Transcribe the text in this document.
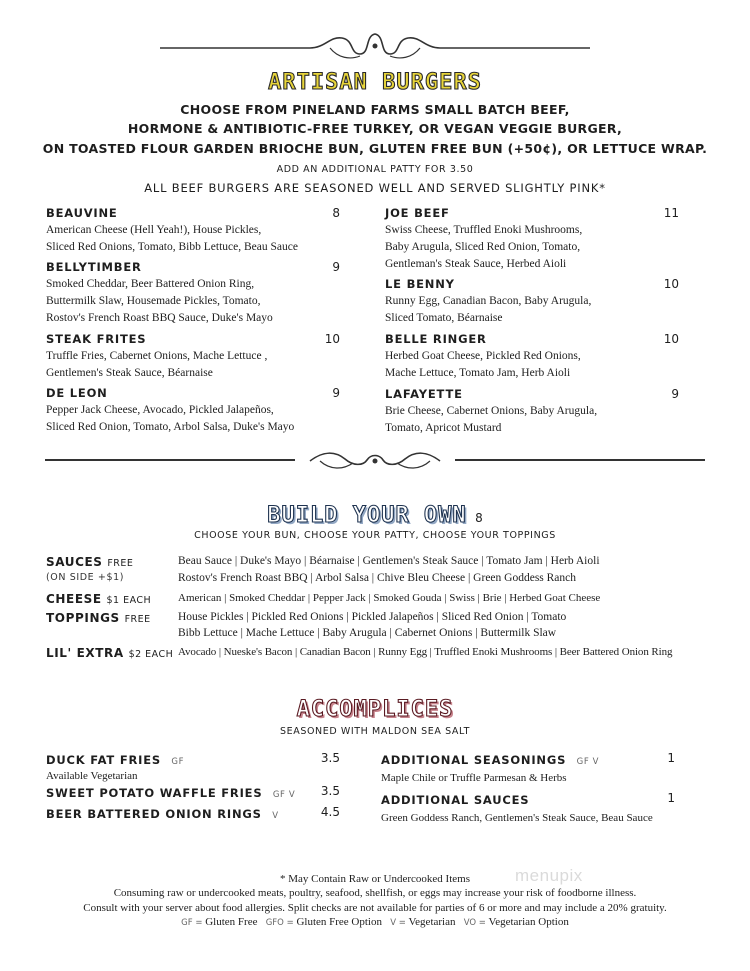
ARTISAN BURGERS
CHOOSE FROM PINELAND FARMS SMALL BATCH BEEF,
HORMONE & ANTIBIOTIC-FREE TURKEY, OR VEGAN VEGGIE BURGER,
ON TOASTED FLOUR GARDEN BRIOCHE BUN, GLUTEN FREE BUN (+50¢), OR LETTUCE WRAP.
ADD AN ADDITIONAL PATTY FOR 3.50
ALL BEEF BURGERS ARE SEASONED WELL AND SERVED SLIGHTLY PINK*
BEAUVINE	8
American Cheese (Hell Yeah!), House Pickles,
Sliced Red Onions, Tomato, Bibb Lettuce, Beau Sauce
BELLYTIMBER	9
Smoked Cheddar, Beer Battered Onion Ring,
Buttermilk Slaw, Housemade Pickles, Tomato,
Rostov's French Roast BBQ Sauce, Duke's Mayo
STEAK FRITES	10
Truffle Fries, Cabernet Onions, Mache Lettuce ,
Gentlemen's Steak Sauce, Béarnaise
DE LEON	9
Pepper Jack Cheese, Avocado, Pickled Jalapeños,
Sliced Red Onion, Tomato, Arbol Salsa, Duke's Mayo
JOE BEEF	11
Swiss Cheese, Truffled Enoki Mushrooms,
Baby Arugula, Sliced Red Onion, Tomato,
Gentleman's Steak Sauce, Herbed Aioli
LE BENNY	10
Runny Egg, Canadian Bacon, Baby Arugula,
Sliced Tomato, Béarnaise
BELLE RINGER	10
Herbed Goat Cheese, Pickled Red Onions,
Mache Lettuce, Tomato Jam, Herb Aioli
LAFAYETTE	9
Brie Cheese, Cabernet Onions, Baby Arugula,
Tomato, Apricot Mustard
BUILD YOUR OWN 8
CHOOSE YOUR BUN, CHOOSE YOUR PATTY, CHOOSE YOUR TOPPINGS
SAUCES FREE
(ON SIDE +$1)
Beau Sauce | Duke's Mayo | Béarnaise | Gentlemen's Steak Sauce | Tomato Jam | Herb Aioli
Rostov's French Roast BBQ | Arbol Salsa | Chive Bleu Cheese | Green Goddess Ranch
CHEESE $1 EACH American | Smoked Cheddar | Pepper Jack | Smoked Gouda | Swiss | Brie | Herbed Goat Cheese
TOPPINGS FREE House Pickles | Pickled Red Onions | Pickled Jalapeños | Sliced Red Onion | Tomato
Bibb Lettuce | Mache Lettuce | Baby Arugula | Cabernet Onions | Buttermilk Slaw
LIL' EXTRA $2 EACH Avocado | Nueske's Bacon | Canadian Bacon | Runny Egg | Truffled Enoki Mushrooms | Beer Battered Onion Ring
ACCOMPLICES
SEASONED WITH MALDON SEA SALT
DUCK FAT FRIES GF	3.5
Available Vegetarian
SWEET POTATO WAFFLE FRIES GF V 3.5
BEER BATTERED ONION RINGS V	4.5
ADDITIONAL SEASONINGS GF V	1
Maple Chile or Truffle Parmesan & Herbs
ADDITIONAL SAUCES	1
Green Goddess Ranch, Gentlemen's Steak Sauce, Beau Sauce
* May Contain Raw or Undercooked Items
Consuming raw or undercooked meats, poultry, seafood, shellfish, or eggs may increase your risk of foodborne illness.
Consult with your server about food allergies. Split checks are not available for parties of 6 or more and may include a 20% gratuity.
GF = Gluten Free GFO = Gluten Free Option V = Vegetarian VO = Vegetarian Option
menupix
